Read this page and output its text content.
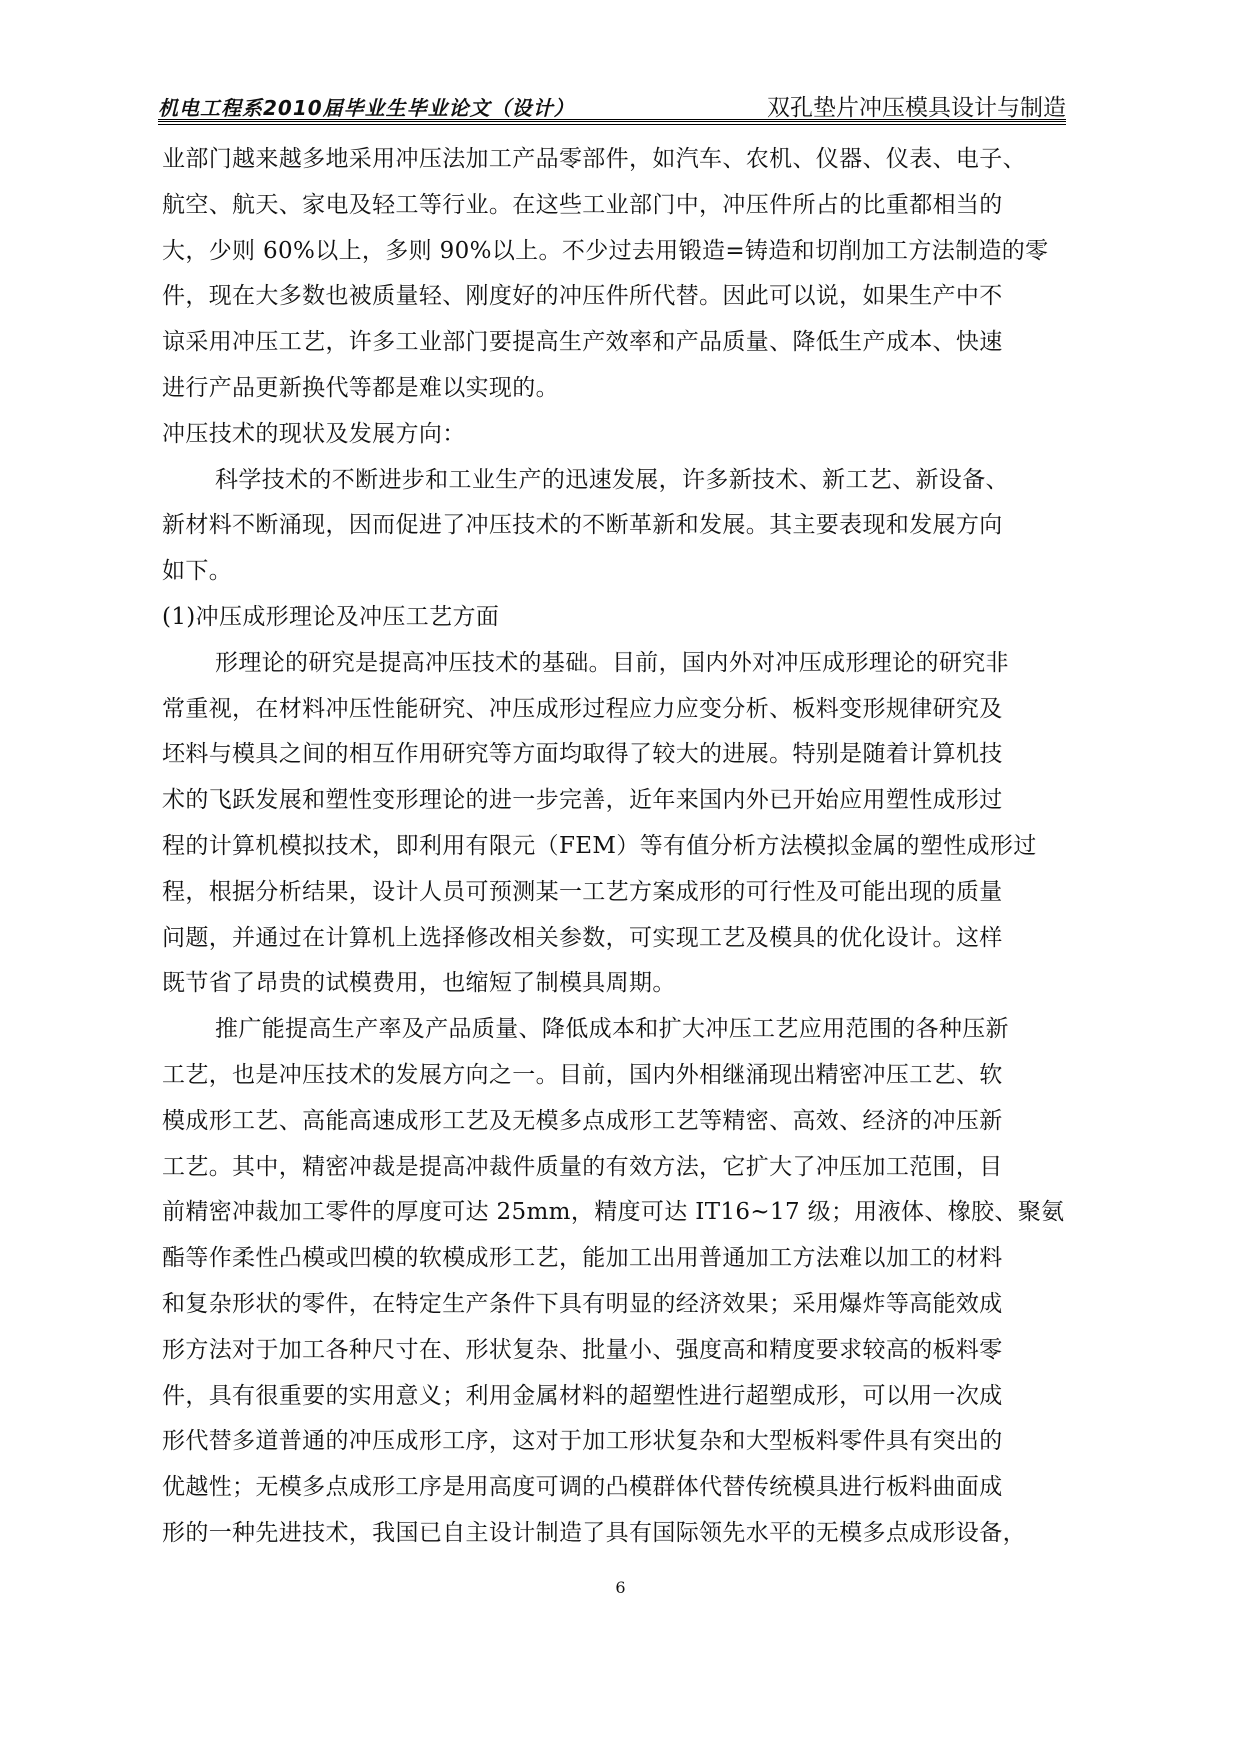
机电工程系2010届毕业生毕业论文（设计）	双孔垫片冲压模具设计与制造
业部门越来越多地采用冲压法加工产品零部件，如汽车、农机、仪器、仪表、电子、
航空、航天、家电及轻工等行业。在这些工业部门中，冲压件所占的比重都相当的
大，少则 60%以上，多则 90%以上。不少过去用锻造=铸造和切削加工方法制造的零
件，现在大多数也被质量轻、刚度好的冲压件所代替。因此可以说，如果生产中不
谅采用冲压工艺，许多工业部门要提高生产效率和产品质量、降低生产成本、快速
进行产品更新换代等都是难以实现的。
冲压技术的现状及发展方向：
科学技术的不断进步和工业生产的迅速发展，许多新技术、新工艺、新设备、
新材料不断涌现，因而促进了冲压技术的不断革新和发展。其主要表现和发展方向
如下。
(1)冲压成形理论及冲压工艺方面
形理论的研究是提高冲压技术的基础。目前，国内外对冲压成形理论的研究非
常重视，在材料冲压性能研究、冲压成形过程应力应变分析、板料变形规律研究及
坯料与模具之间的相互作用研究等方面均取得了较大的进展。特别是随着计算机技
术的飞跃发展和塑性变形理论的进一步完善，近年来国内外已开始应用塑性成形过
程的计算机模拟技术，即利用有限元（FEM）等有值分析方法模拟金属的塑性成形过
程，根据分析结果，设计人员可预测某一工艺方案成形的可行性及可能出现的质量
问题，并通过在计算机上选择修改相关参数，可实现工艺及模具的优化设计。这样
既节省了昂贵的试模费用，也缩短了制模具周期。
推广能提高生产率及产品质量、降低成本和扩大冲压工艺应用范围的各种压新
工艺，也是冲压技术的发展方向之一。目前，国内外相继涌现出精密冲压工艺、软
模成形工艺、高能高速成形工艺及无模多点成形工艺等精密、高效、经济的冲压新
工艺。其中，精密冲裁是提高冲裁件质量的有效方法，它扩大了冲压加工范围，目
前精密冲裁加工零件的厚度可达 25mm，精度可达 IT16~17 级；用液体、橡胶、聚氨
酯等作柔性凸模或凹模的软模成形工艺，能加工出用普通加工方法难以加工的材料
和复杂形状的零件，在特定生产条件下具有明显的经济效果；采用爆炸等高能效成
形方法对于加工各种尺寸在、形状复杂、批量小、强度高和精度要求较高的板料零
件，具有很重要的实用意义；利用金属材料的超塑性进行超塑成形，可以用一次成
形代替多道普通的冲压成形工序，这对于加工形状复杂和大型板料零件具有突出的
优越性；无模多点成形工序是用高度可调的凸模群体代替传统模具进行板料曲面成
形的一种先进技术，我国已自主设计制造了具有国际领先水平的无模多点成形设备，
6
